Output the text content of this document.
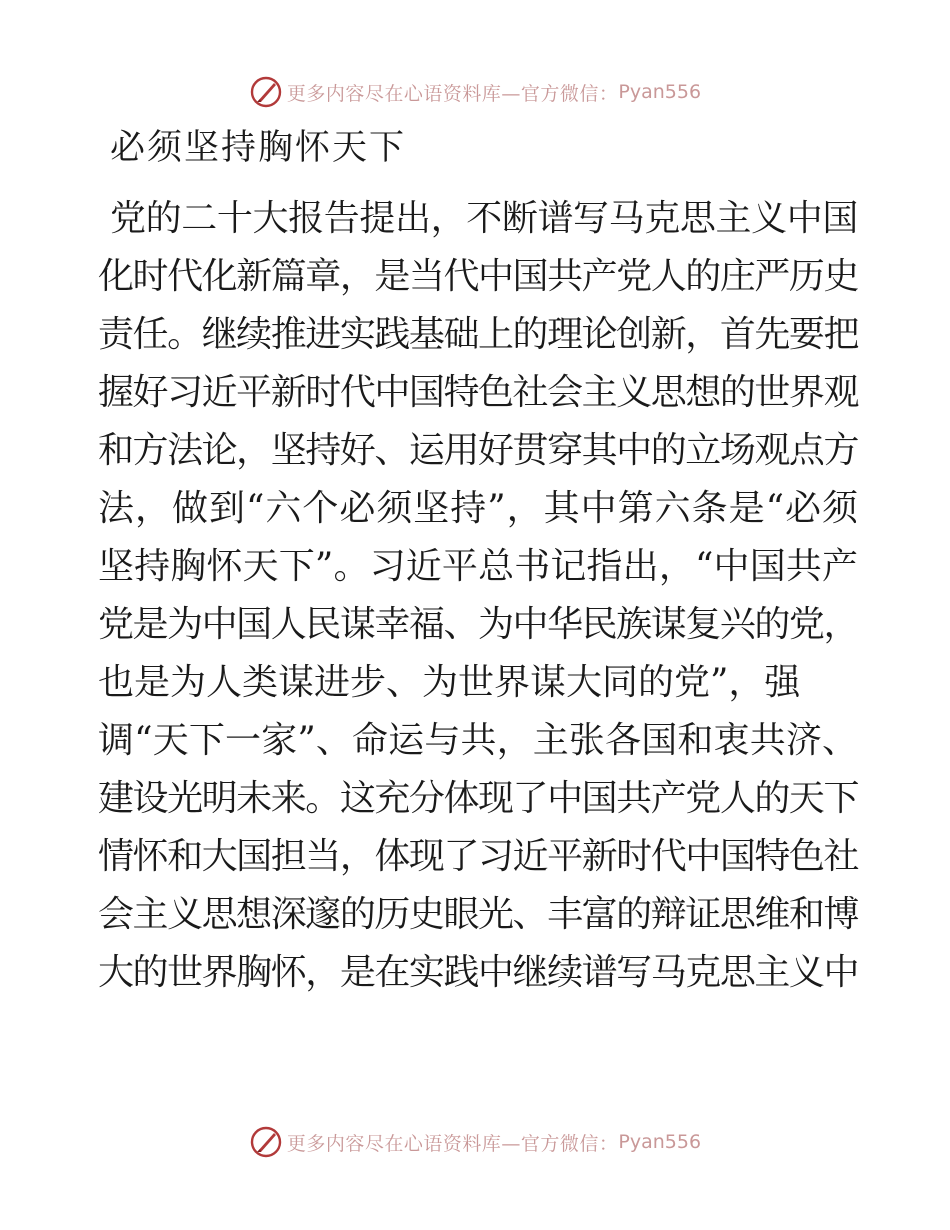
更多内容尽在心语资料库—官方微信： Pyan556
必须坚持胸怀天下
党的二十大报告提出，不断谱写马克思主义中国
化时代化新篇章，是当代中国共产党人的庄严历史
责任。继续推进实践基础上的理论创新，首先要把
握好习近平新时代中国特色社会主义思想的世界观
和方法论，坚持好、运用好贯穿其中的立场观点方
法，做到“六个必须坚持”，其中第六条是“必须
坚持胸怀天下”。习近平总书记指出，“中国共产
党是为中国人民谋幸福、为中华民族谋复兴的党，
也是为人类谋进步、为世界谋大同的党”，强
调“天下一家”、命运与共，主张各国和衷共济、
建设光明未来。这充分体现了中国共产党人的天下
情怀和大国担当，体现了习近平新时代中国特色社
会主义思想深邃的历史眼光、丰富的辩证思维和博
大的世界胸怀，是在实践中继续谱写马克思主义中
更多内容尽在心语资料库—官方微信： Pyan556
